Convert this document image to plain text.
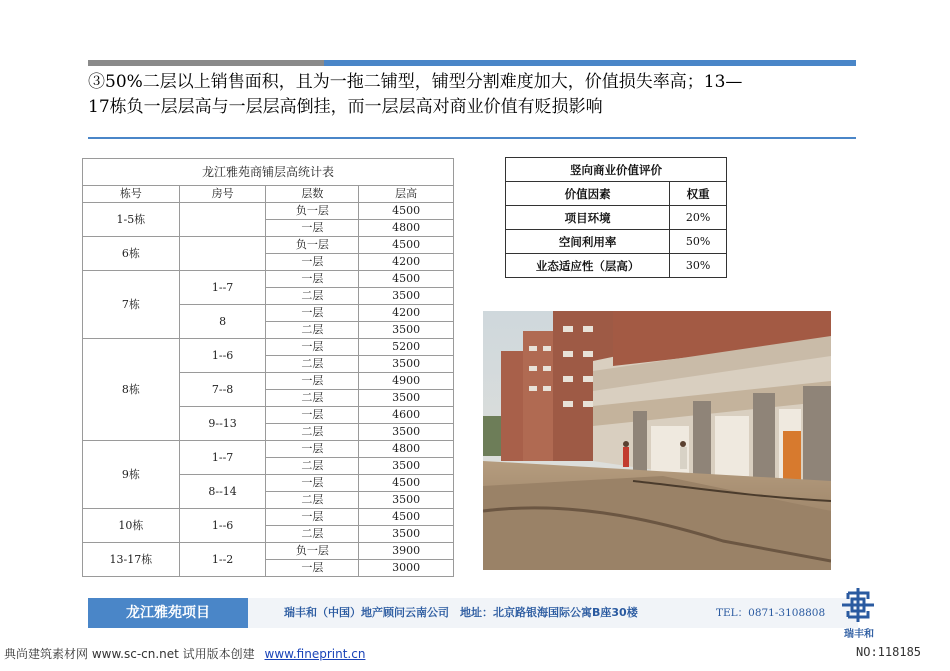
③50%二层以上销售面积，且为一拖二铺型，铺型分割难度加大，价值损失率高；13—
17栋负一层层高与一层层高倒挂，而一层层高对商业价值有贬损影响
龙江雅苑商铺层高统计表			
栋号	房号	层数	层高
1-5栋		负一层	4500
		一层	4800
6栋		负一层	4500
		一层	4200
7栋	1--7	一层	4500
		二层	3500
	8	一层	4200
		二层	3500
8栋	1--6	一层	5200
		二层	3500
	7--8	一层	4900
		二层	3500
	9--13	一层	4600
		二层	3500
9栋	1--7	一层	4800
		二层	3500
	8--14	一层	4500
		二层	3500
10栋	1--6	一层	4500
		二层	3500
13-17栋	1--2	负一层	3900
		一层	3000
竖向商业价值评价	
价值因素	权重
项目环境	20%
空间利用率	50%
业态适应性（层高）	30%
龙江雅苑项目	瑞丰和（中国）地产顾问云南公司　地址：北京路银海国际公寓B座30楼	TEL：0871-3108808
瑞丰和
典尚建筑素材网 www.sc-cn.net 试用版本创建 www.fineprint.cn	NO:118185
